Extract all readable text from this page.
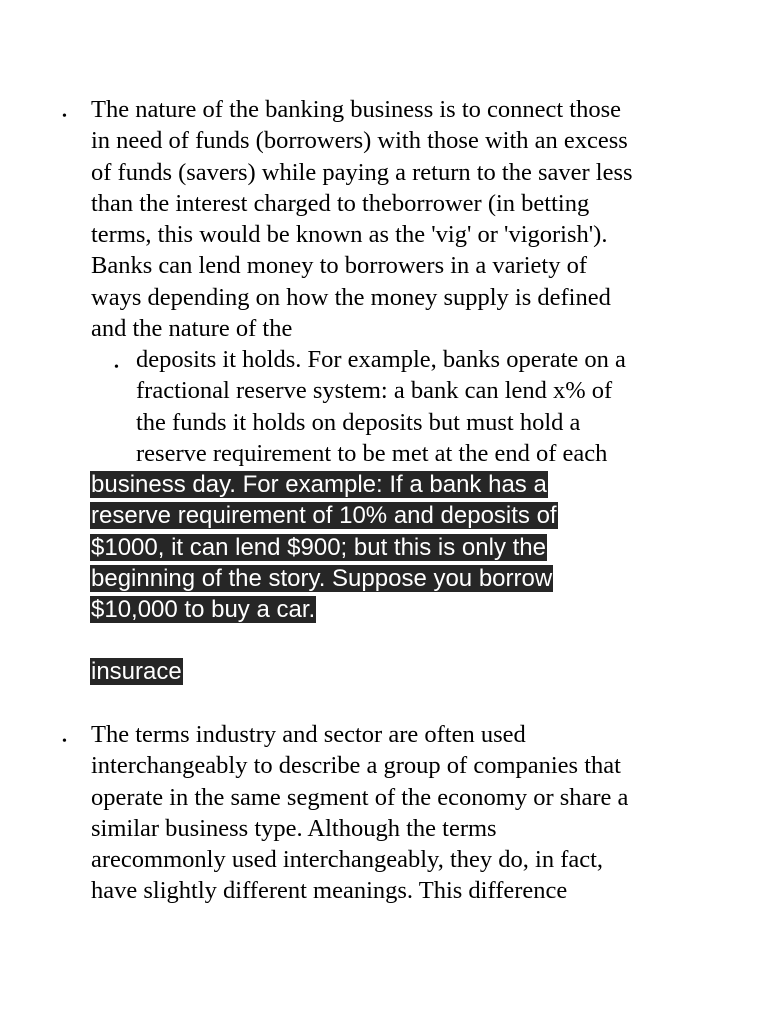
• The nature of the banking business is to connect those
in need of funds (borrowers) with those with an excess
of funds (savers) while paying a return to the saver less
than the interest charged to theborrower (in betting
terms, this would be known as the 'vig' or 'vigorish').
Banks can lend money to borrowers in a variety of
ways depending on how the money supply is defined
and the nature of the

• deposits it holds. For example, banks operate on a
fractional reserve system: a bank can lend x% of
the funds it holds on deposits but must hold a
reserve requirement to be met at the end of each

business day. For example: If a bank has a
reserve requirement of 10% and deposits of
$1000, it can lend $900; but this is only the
beginning of the story. Suppose you borrow
$10,000 to buy a car.
insurace
• The terms industry and sector are often used
interchangeably to describe a group of companies that
operate in the same segment of the economy or share a
similar business type. Although the terms
arecommonly used interchangeably, they do, in fact,
have slightly different meanings. This difference
